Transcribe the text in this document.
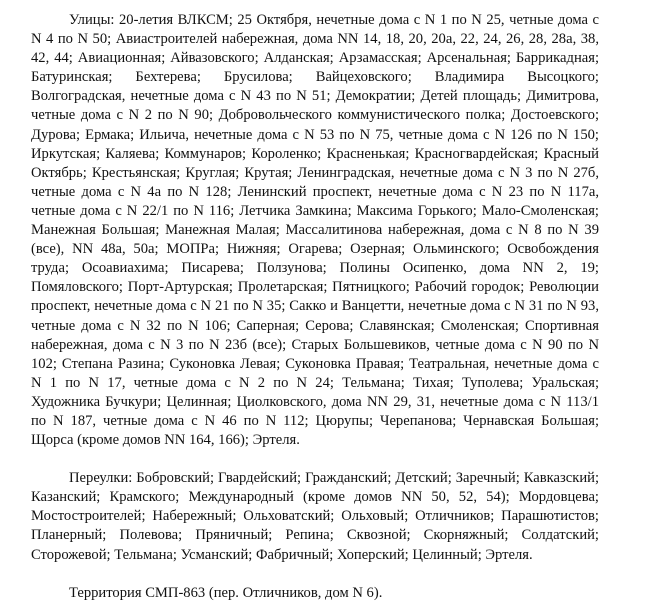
Улицы: 20-летия ВЛКСМ; 25 Октября, нечетные дома с N 1 по N 25, четные дома с N 4 по N 50; Авиастроителей набережная, дома NN 14, 18, 20, 20а, 22, 24, 26, 28, 28а, 38, 42, 44; Авиационная; Айвазовского; Алданская; Арзамасская; Арсенальная; Баррикадная; Батуринская; Бехтерева; Брусилова; Вайцеховского; Владимира Высоцкого; Волгоградская, нечетные дома с N 43 по N 51; Демократии; Детей площадь; Димитрова, четные дома с N 2 по N 90; Добровольческого коммунистического полка; Достоевского; Дурова; Ермака; Ильича, нечетные дома с N 53 по N 75, четные дома с N 126 по N 150; Иркутская; Каляева; Коммунаров; Короленко; Красненькая; Красногвардейская; Красный Октябрь; Крестьянская; Круглая; Крутая; Ленинградская, нечетные дома с N 3 по N 27б, четные дома с N 4а по N 128; Ленинский проспект, нечетные дома с N 23 по N 117а, четные дома с N 22/1 по N 116; Летчика Замкина; Максима Горького; Мало-Смоленская; Манежная Большая; Манежная Малая; Массалитинова набережная, дома с N 8 по N 39 (все), NN 48а, 50а; МОПРа; Нижняя; Огарева; Озерная; Ольминского; Освобождения труда; Осоавиахима; Писарева; Ползунова; Полины Осипенко, дома NN 2, 19; Помяловского; Порт-Артурская; Пролетарская; Пятницкого; Рабочий городок; Революции проспект, нечетные дома с N 21 по N 35; Сакко и Ванцетти, нечетные дома с N 31 по N 93, четные дома с N 32 по N 106; Саперная; Серова; Славянская; Смоленская; Спортивная набережная, дома с N 3 по N 23б (все); Старых Большевиков, четные дома с N 90 по N 102; Степана Разина; Суконовка Левая; Суконовка Правая; Театральная, нечетные дома с N 1 по N 17, четные дома с N 2 по N 24; Тельмана; Тихая; Туполева; Уральская; Художника Бучкури; Целинная; Циолковского, дома NN 29, 31, нечетные дома с N 113/1 по N 187, четные дома с N 46 по N 112; Цюрупы; Черепанова; Чернавская Большая; Щорса (кроме домов NN 164, 166); Эртеля.

Переулки: Бобровский; Гвардейский; Гражданский; Детский; Заречный; Кавказский; Казанский; Крамского; Международный (кроме домов NN 50, 52, 54); Мордовцева; Мостостроителей; Набережный; Ольховатский; Ольховый; Отличников; Парашютистов; Планерный; Полевова; Пряничный; Репина; Сквозной; Скорняжный; Солдатский; Сторожевой; Тельмана; Усманский; Фабричный; Хоперский; Целинный; Эртеля.

Территория СМП-863 (пер. Отличников, дом N 6).
